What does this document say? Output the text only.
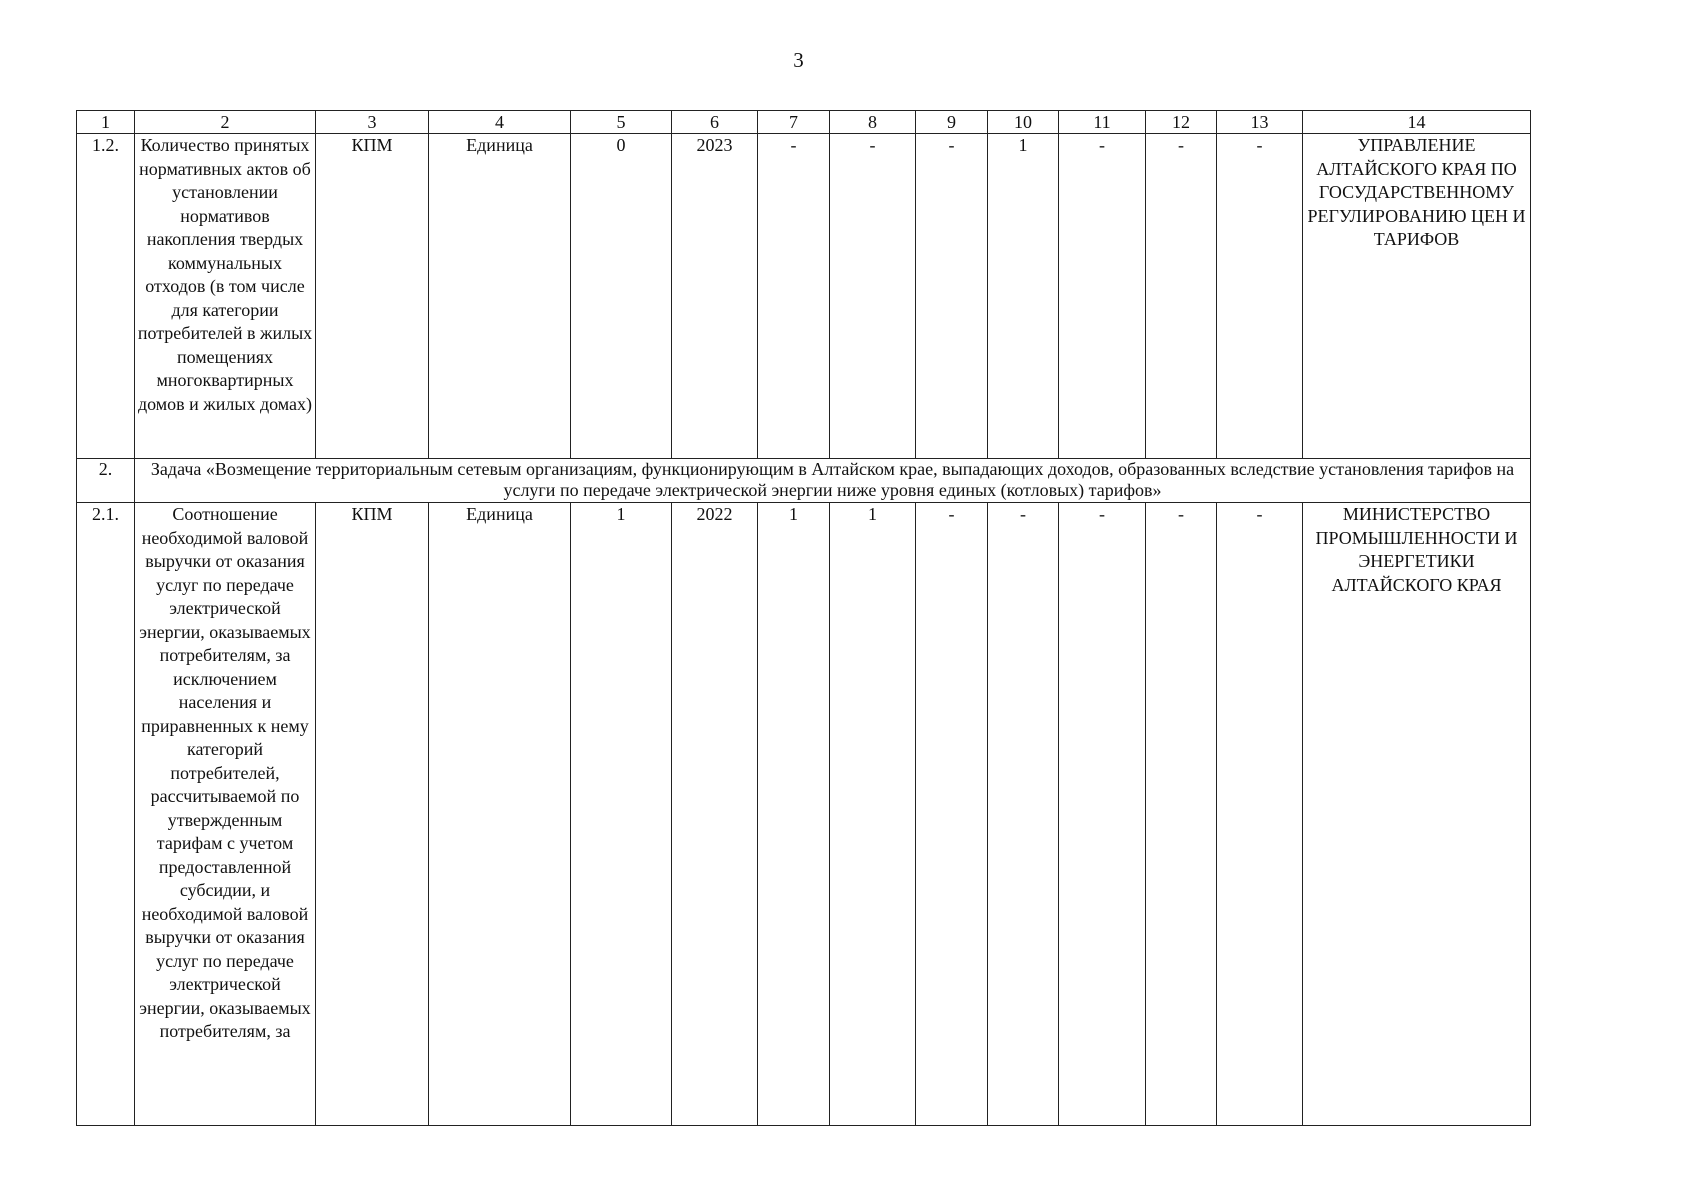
3
1	2	3	4	5	6	7	8	9	10	11	12	13	14
1.2.	Количество принятых нормативных актов об установлении нормативов накопления твердых коммунальных отходов (в том числе для категории потребителей в жилых помещениях многоквартирных домов и жилых домах)	КПМ	Единица	0	2023	-	-	-	1	-	-	-	УПРАВЛЕНИЕ АЛТАЙСКОГО КРАЯ ПО ГОСУДАРСТВЕННОМУ РЕГУЛИРОВАНИЮ ЦЕН И ТАРИФОВ
2.	Задача «Возмещение территориальным сетевым организациям, функционирующим в Алтайском крае, выпадающих доходов, образованных вследствие установления тарифов на услуги по передаче электрической энергии ниже уровня единых (котловых) тарифов»												
2.1.	Соотношение необходимой валовой выручки от оказания услуг по передаче электрической энергии, оказываемых потребителям, за исключением населения и приравненных к нему категорий потребителей, рассчитываемой по утвержденным тарифам с учетом предоставленной субсидии, и необходимой валовой выручки от оказания услуг по передаче электрической энергии, оказываемых потребителям, за	КПМ	Единица	1	2022	1	1	-	-	-	-	-	МИНИСТЕРСТВО ПРОМЫШЛЕННОСТИ И ЭНЕРГЕТИКИ АЛТАЙСКОГО КРАЯ
